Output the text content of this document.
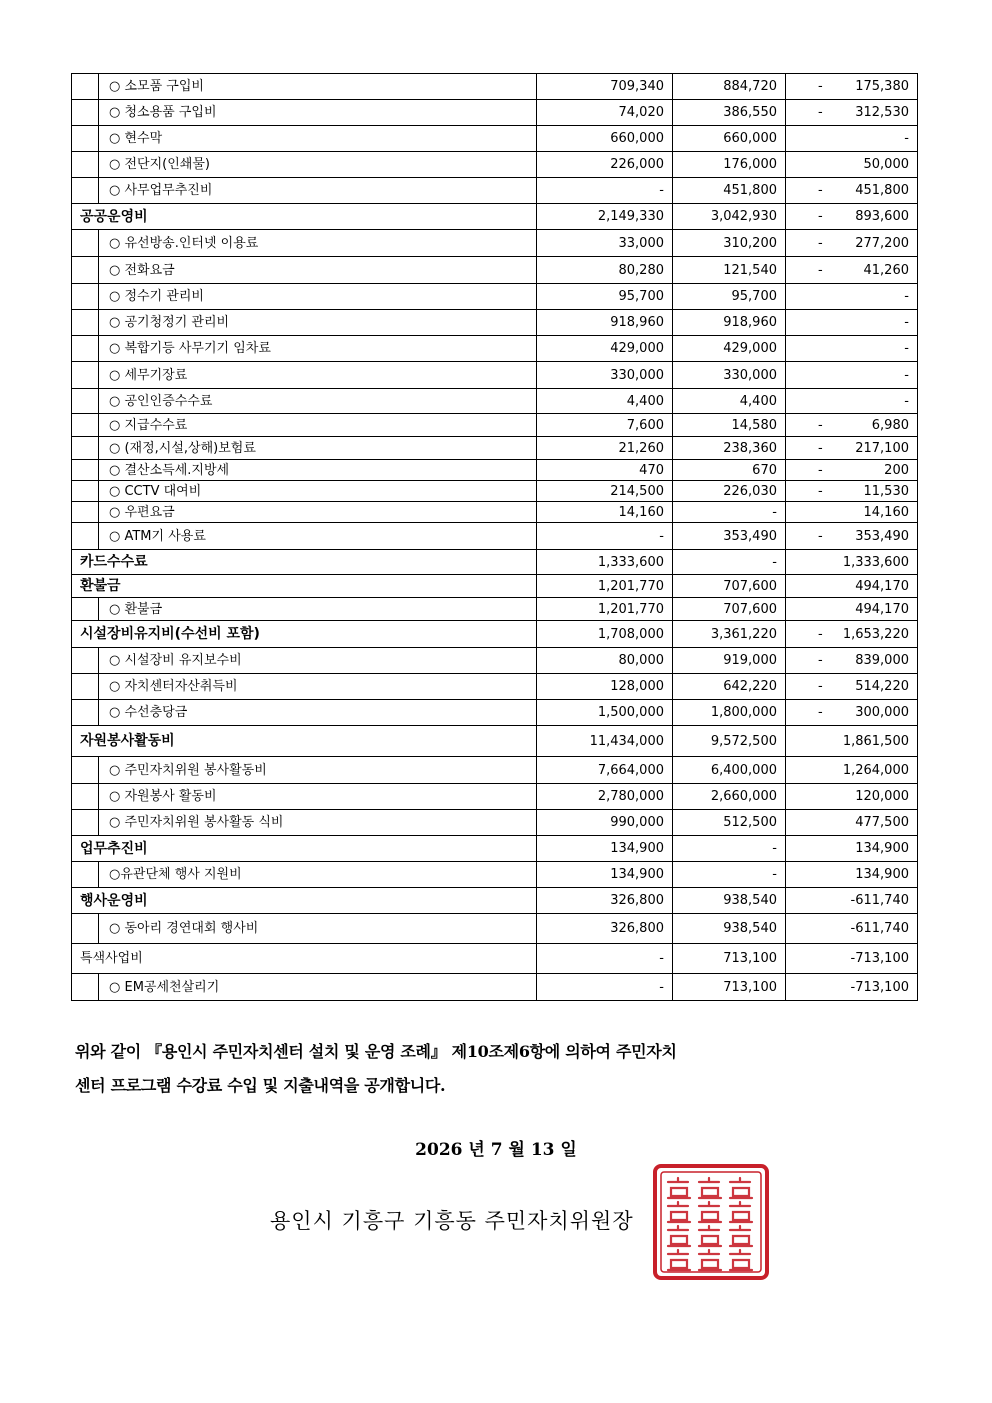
	○ 소모품 구입비	709,340	884,720	- 175,380

	○ 청소용품 구입비	74,020	386,550	- 312,530

	○ 현수막	660,000	660,000	-
	○ 전단지(인쇄물)	226,000	176,000	50,000
	○ 사무업무추진비	-	451,800	- 451,800

공공운영비		2,149,330	3,042,930	- 893,600

	○ 유선방송.인터넷 이용료	33,000	310,200	- 277,200

	○ 전화요금	80,280	121,540	- 41,260

	○ 정수기 관리비	95,700	95,700	-
	○ 공기청정기 관리비	918,960	918,960	-
	○ 복합기등 사무기기 임차료	429,000	429,000	-
	○ 세무기장료	330,000	330,000	-
	○ 공인인증수수료	4,400	4,400	-
	○ 지급수수료	7,600	14,580	- 6,980

	○ (재정,시설,상해)보험료	21,260	238,360	- 217,100

	○ 결산소득세.지방세	470	670	- 200

	○ CCTV 대여비	214,500	226,030	- 11,530

	○ 우편요금	14,160	-	14,160
	○ ATM기 사용료	-	353,490	- 353,490

카드수수료		1,333,600	-	1,333,600
환불금		1,201,770	707,600	494,170
	○ 환불금	1,201,770	707,600	494,170
시설장비유지비(수선비 포함)		1,708,000	3,361,220	- 1,653,220

	○ 시설장비 유지보수비	80,000	919,000	- 839,000

	○ 자치센터자산취득비	128,000	642,220	- 514,220

	○ 수선충당금	1,500,000	1,800,000	- 300,000

자원봉사활동비		11,434,000	9,572,500	1,861,500
	○ 주민자치위원 봉사활동비	7,664,000	6,400,000	1,264,000
	○ 자원봉사 활동비	2,780,000	2,660,000	120,000
	○ 주민자치위원 봉사활동 식비	990,000	512,500	477,500
업무추진비		134,900	-	134,900
	○유관단체 행사 지원비	134,900	-	134,900
행사운영비		326,800	938,540	-611,740
	○ 동아리 경연대회 행사비	326,800	938,540	-611,740
특색사업비		-	713,100	-713,100
	○ EM공세천살리기	-	713,100	-713,100

위와 같이 『용인시 주민자치센터 설치 및 운영 조례』 제10조제6항에 의하여 주민자치

센터 프로그램 수강료 수입 및 지출내역을 공개합니다.

2026 년 7 월 13 일
용인시 기흥구 기흥동 주민자치위원장
